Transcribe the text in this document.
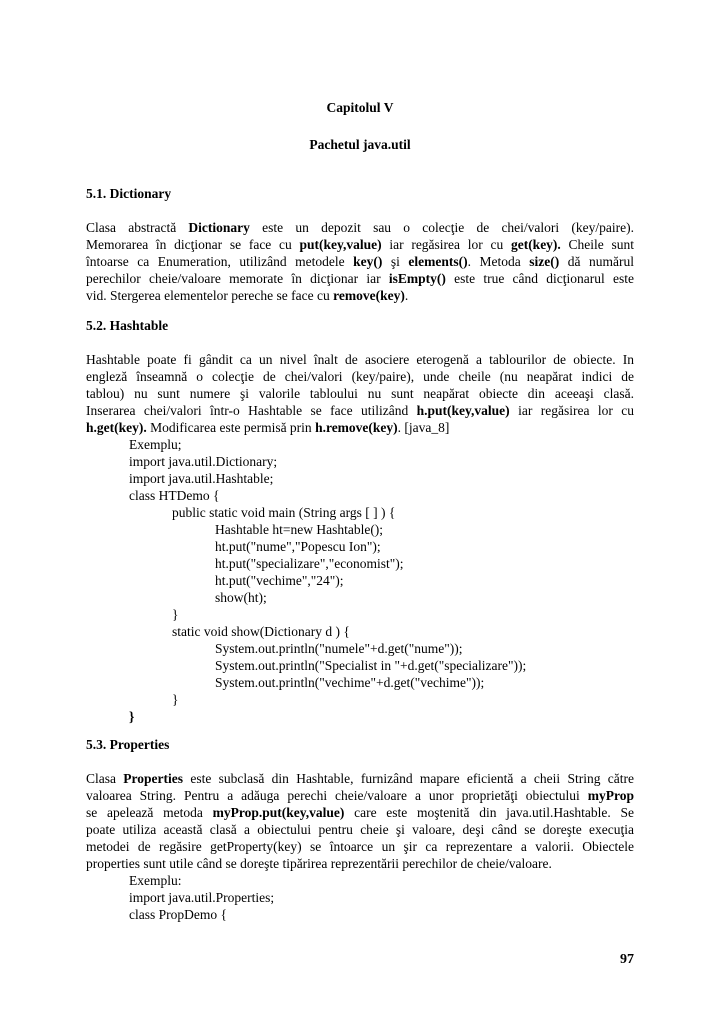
Capitolul V
Pachetul java.util
5.1. Dictionary
Clasa abstractă Dictionary este un depozit sau o colecţie de chei/valori (key/paire).
Memorarea în dicţionar se face cu put(key,value) iar regăsirea lor cu get(key). Cheile sunt
întoarse ca Enumeration, utilizând metodele key() şi elements(). Metoda size() dă numărul
perechilor cheie/valoare memorate în dicţionar iar isEmpty() este true când dicţionarul este
vid. Stergerea elementelor pereche se face cu remove(key).
5.2. Hashtable
Hashtable poate fi gândit ca un nivel înalt de asociere eterogenă a tablourilor de obiecte. In
engleză înseamnă o colecţie de chei/valori (key/paire), unde cheile (nu neapărat indici de
tablou) nu sunt numere şi valorile tabloului nu sunt neapărat obiecte din aceeaşi clasă.
Inserarea chei/valori într-o Hashtable se face utilizând h.put(key,value) iar regăsirea lor cu
h.get(key). Modificarea este permisă prin h.remove(key). [java_8]
Exemplu;
import java.util.Dictionary;
import java.util.Hashtable;
class HTDemo {
public static void main (String args [ ] ) {
Hashtable ht=new Hashtable();
ht.put("nume","Popescu Ion");
ht.put("specializare","economist");
ht.put("vechime","24");
show(ht);
}
static void show(Dictionary d ) {
System.out.println("numele"+d.get("nume"));
System.out.println("Specialist in "+d.get("specializare"));
System.out.println("vechime"+d.get("vechime"));
}
}
5.3. Properties
Clasa Properties este subclasă din Hashtable, furnizând mapare eficientă a cheii String către
valoarea String. Pentru a adăuga perechi cheie/valoare a unor proprietăţi obiectului myProp
se apelează metoda myProp.put(key,value) care este moştenită din java.util.Hashtable. Se
poate utiliza această clasă a obiectului pentru cheie şi valoare, deşi când se doreşte execuţia
metodei de regăsire getProperty(key) se întoarce un şir ca reprezentare a valorii. Obiectele
properties sunt utile când se doreşte tipărirea reprezentării perechilor de cheie/valoare.
Exemplu:
import java.util.Properties;
class PropDemo {
97
